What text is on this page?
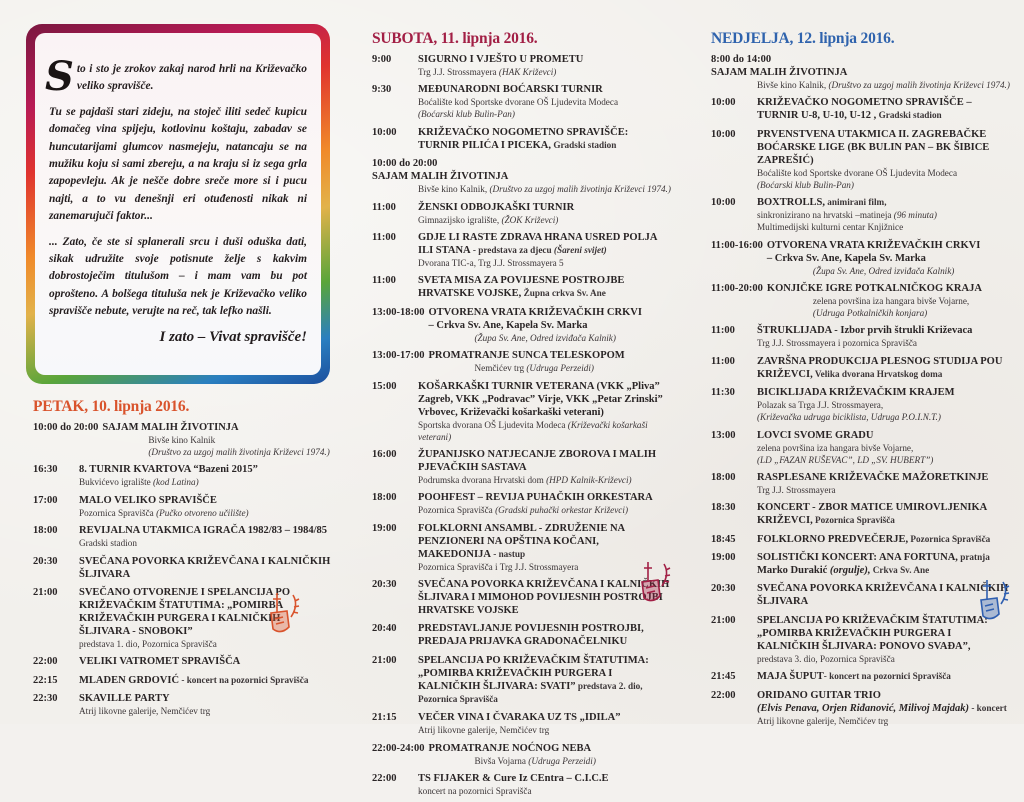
Sto i sto je zrokov zakaj narod hrli na Križevačko veliko spravišče.

Tu se pajdaši stari zideju, na stoječ iliti sedeč kupicu domačeg vina spijeju, kotlovinu koštaju, zabadav se huncutarijami glumcov nasmejeju, natancaju se na mužiku koju si sami zbereju, a na kraju si iz sega grla zapopevleju. Ak je nešče dobre sreče more si i pucu najti, a to vu denešnji eri otuđenosti nikak ni zanemarujuči faktor...

... Zato, če ste si splanerali srcu i duši oduška dati, sikak udružite svoje potisnute želje s kakvim dobrostoječim titulušom – i mam vam bu pot oprošteno. A bolšega tituluša nek je Križevačko veliko spravišče nebute, verujte na reč, tak lefko našli.

I zato – Vivat spravišče!
PETAK, 10. lipnja 2016.
10:00 do 20:00 SAJAM MALIH ŽIVOTINJA
Bivše kino Kalnik
(Društvo za uzgoj malih životinja Križevci 1974.)
16:30	8. TURNIR KVARTOVA “Bazeni 2015”
Bukvićevo igralište (kod Latina)
17:00	MALO VELIKO SPRAVIŠČE
Pozornica Spravišča (Pučko otvoreno učilište)
18:00	REVIJALNA UTAKMICA IGRAČA 1982/83 – 1984/85
Gradski stadion
20:30	SVEČANA POVORKA KRIŽEVČANA I KALNIČKIH ŠLJIVARA
21:00	SVEČANO OTVORENJE I SPELANCIJA PO KRIŽEVAČKIM ŠTATUTIMA: „POMIRBA KRIŽEVAČKIH PURGERA I KALNIČKIH ŠLJIVARA - SNOBOKI”
predstava 1. dio, Pozornica Spravišča
22:00	VELIKI VATROMET SPRAVIŠČA
22:15	MLADEN GRDOVIĆ - koncert na pozornici Spravišča
22:30	SKAVILLE PARTY
Atrij likovne galerije, Nemčićev trg
SUBOTA, 11. lipnja 2016.
9:00	SIGURNO I VJEŠTO U PROMETU
Trg J.J. Strossmayera (HAK Križevci)
9:30	MEĐUNARODNI BOĆARSKI TURNIR
Boćalište kod Sportske dvorane OŠ Ljudevita Modeca
(Boćarski klub Bulin-Pan)
10:00	KRIŽEVAČKO NOGOMETNO SPRAVIŠČE: TURNIR PILIĆA I PICEKA, Gradski stadion
10:00 do 20:00
SAJAM MALIH ŽIVOTINJA
Bivše kino Kalnik, (Društvo za uzgoj malih životinja Križevci 1974.)
11:00	ŽENSKI ODBOJKAŠKI TURNIR
Gimnazijsko igralište, (ŽOK Križevci)
11:00	GDJE LI RASTE ZDRAVA HRANA USRED POLJA ILI STANA - predstava za djecu (Šareni svijet)
Dvorana TIC-a, Trg J.J. Strossmayera 5
11:00	SVETA MISA ZA POVIJESNE POSTROJBE HRVATSKE VOJSKE, Župna crkva Sv. Ane
13:00-18:00 OTVORENA VRATA KRIŽEVAČKIH CRKVI
– Crkva Sv. Ane, Kapela Sv. Marka
(Župa Sv. Ane, Odred izviđača Kalnik)
13:00-17:00 PROMATRANJE SUNCA TELESKOPOM
Nemčićev trg (Udruga Perzeidi)
15:00	KOŠARKAŠKI TURNIR VETERANA (VKK „Pliva” Zagreb, VKK „Podravac” Virje, VKK „Petar Zrinski” Vrbovec, Križevački košarkaški veterani)
Sportska dvorana OŠ Ljudevita Modeca (Križevački košarkaši veterani)
16:00	ŽUPANIJSKO NATJECANJE ZBOROVA I MALIH PJEVAČKIH SASTAVA
Podrumska dvorana Hrvatski dom (HPD Kalnik-Križevci)
18:00	POOHFEST – REVIJA PUHAČKIH ORKESTARA
Pozornica Spravišča (Gradski puhački orkestar Križevci)
19:00	FOLKLORNI ANSAMBL - ZDRUŽENIE NA PENZIONERI NA OPŠTINA KOČANI, MAKEDONIJA - nastup
Pozornica Spravišča i Trg J.J. Strossmayera
20:30	SVEČANA POVORKA KRIŽEVČANA I KALNIČKIH ŠLJIVARA I MIMOHOD POVIJESNIH POSTROJBI HRVATSKE VOJSKE
20:40	PREDSTAVLJANJE POVIJESNIH POSTROJBI, PREDAJA PRIJAVKA GRADONAČELNIKU
21:00	SPELANCIJA PO KRIŽEVAČKIM ŠTATUTIMA: „POMIRBA KRIŽEVAČKIH PURGERA I KALNIČKIH ŠLJIVARA: SVATI” predstava 2. dio, Pozornica Spravišča
21:15	VEČER VINA I ČVARAKA UZ TS „IDILA”
Atrij likovne galerije, Nemčićev trg
22:00-24:00 PROMATRANJE NOĆNOG NEBA
Bivša Vojarna (Udruga Perzeidi)
22:00	TS FIJAKER & Cure Iz CEntra – C.I.C.E
koncert na pozornici Spravišča
NEDJELJA, 12. lipnja 2016.
8:00 do 14:00
SAJAM MALIH ŽIVOTINJA
Bivše kino Kalnik, (Društvo za uzgoj malih životinja Križevci 1974.)
10:00	KRIŽEVAČKO NOGOMETNO SPRAVIŠČE – TURNIR U-8, U-10, U-12 , Gradski stadion
10:00	PRVENSTVENA UTAKMICA II. ZAGREBAČKE BOĆARSKE LIGE (BK BULIN PAN – BK ŠIBICE ZAPREŠIĆ)
Boćalište kod Sportske dvorane OŠ Ljudevita Modeca
(Boćarski klub Bulin-Pan)
10:00	BOXTROLLS, animirani film,
sinkronizirano na hrvatski –matineja (96 minuta)
Multimedijski kulturni centar Knjižnice
11:00-16:00 OTVORENA VRATA KRIŽEVAČKIH CRKVI
– Crkva Sv. Ane, Kapela Sv. Marka
(Župa Sv. Ane, Odred izviđača Kalnik)
11:00-20:00 KONJIČKE IGRE POTKALNIČKOG KRAJA
zelena površina iza hangara bivše Vojarne,
(Udruga Potkalničkih konjara)
11:00	ŠTRUKLIJADA - Izbor prvih štrukli Križevaca
Trg J.J. Strossmayera i pozornica Spravišča
11:00	ZAVRŠNA PRODUKCIJA PLESNOG STUDIJA POU KRIŽEVCI, Velika dvorana Hrvatskog doma
11:30	BICIKLIJADA KRIŽEVAČKIM KRAJEM
Polazak sa Trga J.J. Strossmayera,
(Križevačka udruga biciklista, Udruga P.O.I.N.T.)
13:00	LOVCI SVOME GRADU
zelena površina iza hangara bivše Vojarne,
(LD „FAZAN RUŠEVAC”, LD „SV. HUBERT”)
18:00	RASPLESANE KRIŽEVAČKE MAŽORETKINJE
Trg J.J. Strossmayera
18:30	KONCERT - ZBOR MATICE UMIROVLJENIKA KRIŽEVCI, Pozornica Spravišča
18:45	FOLKLORNO PREDVEČERJE, Pozornica Spravišča
19:00	SOLISTIČKI KONCERT: ANA FORTUNA, pratnja
Marko Durakić (orgulje), Crkva Sv. Ane
20:30	SVEČANA POVORKA KRIŽEVČANA I KALNIČKIH ŠLJIVARA
21:00	SPELANCIJA PO KRIŽEVAČKIM ŠTATUTIMA: „POMIRBA KRIŽEVAČKIH PURGERA I KALNIČKIH ŠLJIVARA: PONOVO SVAĐA”,
predstava 3. dio, Pozornica Spravišča
21:45	MAJA ŠUPUT- koncert na pozornici Spravišča
22:00	ORIDANO GUITAR TRIO
(Elvis Penava, Orjen Riđanović, Milivoj Majdak) - koncert
Atrij likovne galerije, Nemčićev trg
